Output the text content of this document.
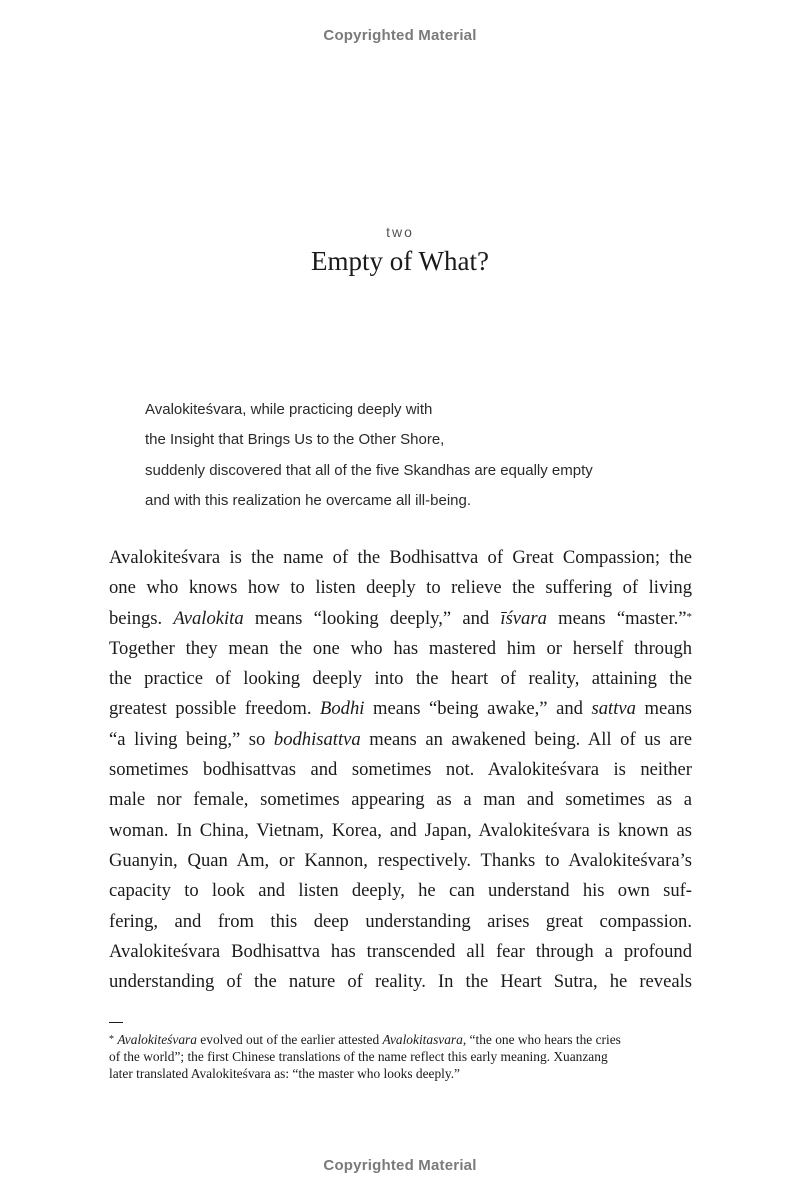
Copyrighted Material
two
Empty of What?
Avalokiteśvara, while practicing deeply with
the Insight that Brings Us to the Other Shore,
suddenly discovered that all of the five Skandhas are equally empty
and with this realization he overcame all ill-being.
Avalokiteśvara is the name of the Bodhisattva of Great Compassion; the
one who knows how to listen deeply to relieve the suffering of living
beings. Avalokita means “looking deeply,” and īśvara means “master.”*
Together they mean the one who has mastered him or herself through
the practice of looking deeply into the heart of reality, attaining the
greatest possible freedom. Bodhi means “being awake,” and sattva means
“a living being,” so bodhisattva means an awakened being. All of us are
sometimes bodhisattvas and sometimes not. Avalokiteśvara is neither
male nor female, sometimes appearing as a man and sometimes as a
woman. In China, Vietnam, Korea, and Japan, Avalokiteśvara is known as
Guanyin, Quan Am, or Kannon, respectively. Thanks to Avalokiteśvara’s
capacity to look and listen deeply, he can understand his own suf-
fering, and from this deep understanding arises great compassion.
Avalokiteśvara Bodhisattva has transcended all fear through a profound
understanding of the nature of reality. In the Heart Sutra, he reveals
* Avalokiteśvara evolved out of the earlier attested Avalokitasvara, “the one who hears the cries
of the world”; the first Chinese translations of the name reflect this early meaning. Xuanzang
later translated Avalokiteśvara as: “the master who looks deeply.”
Copyrighted Material
